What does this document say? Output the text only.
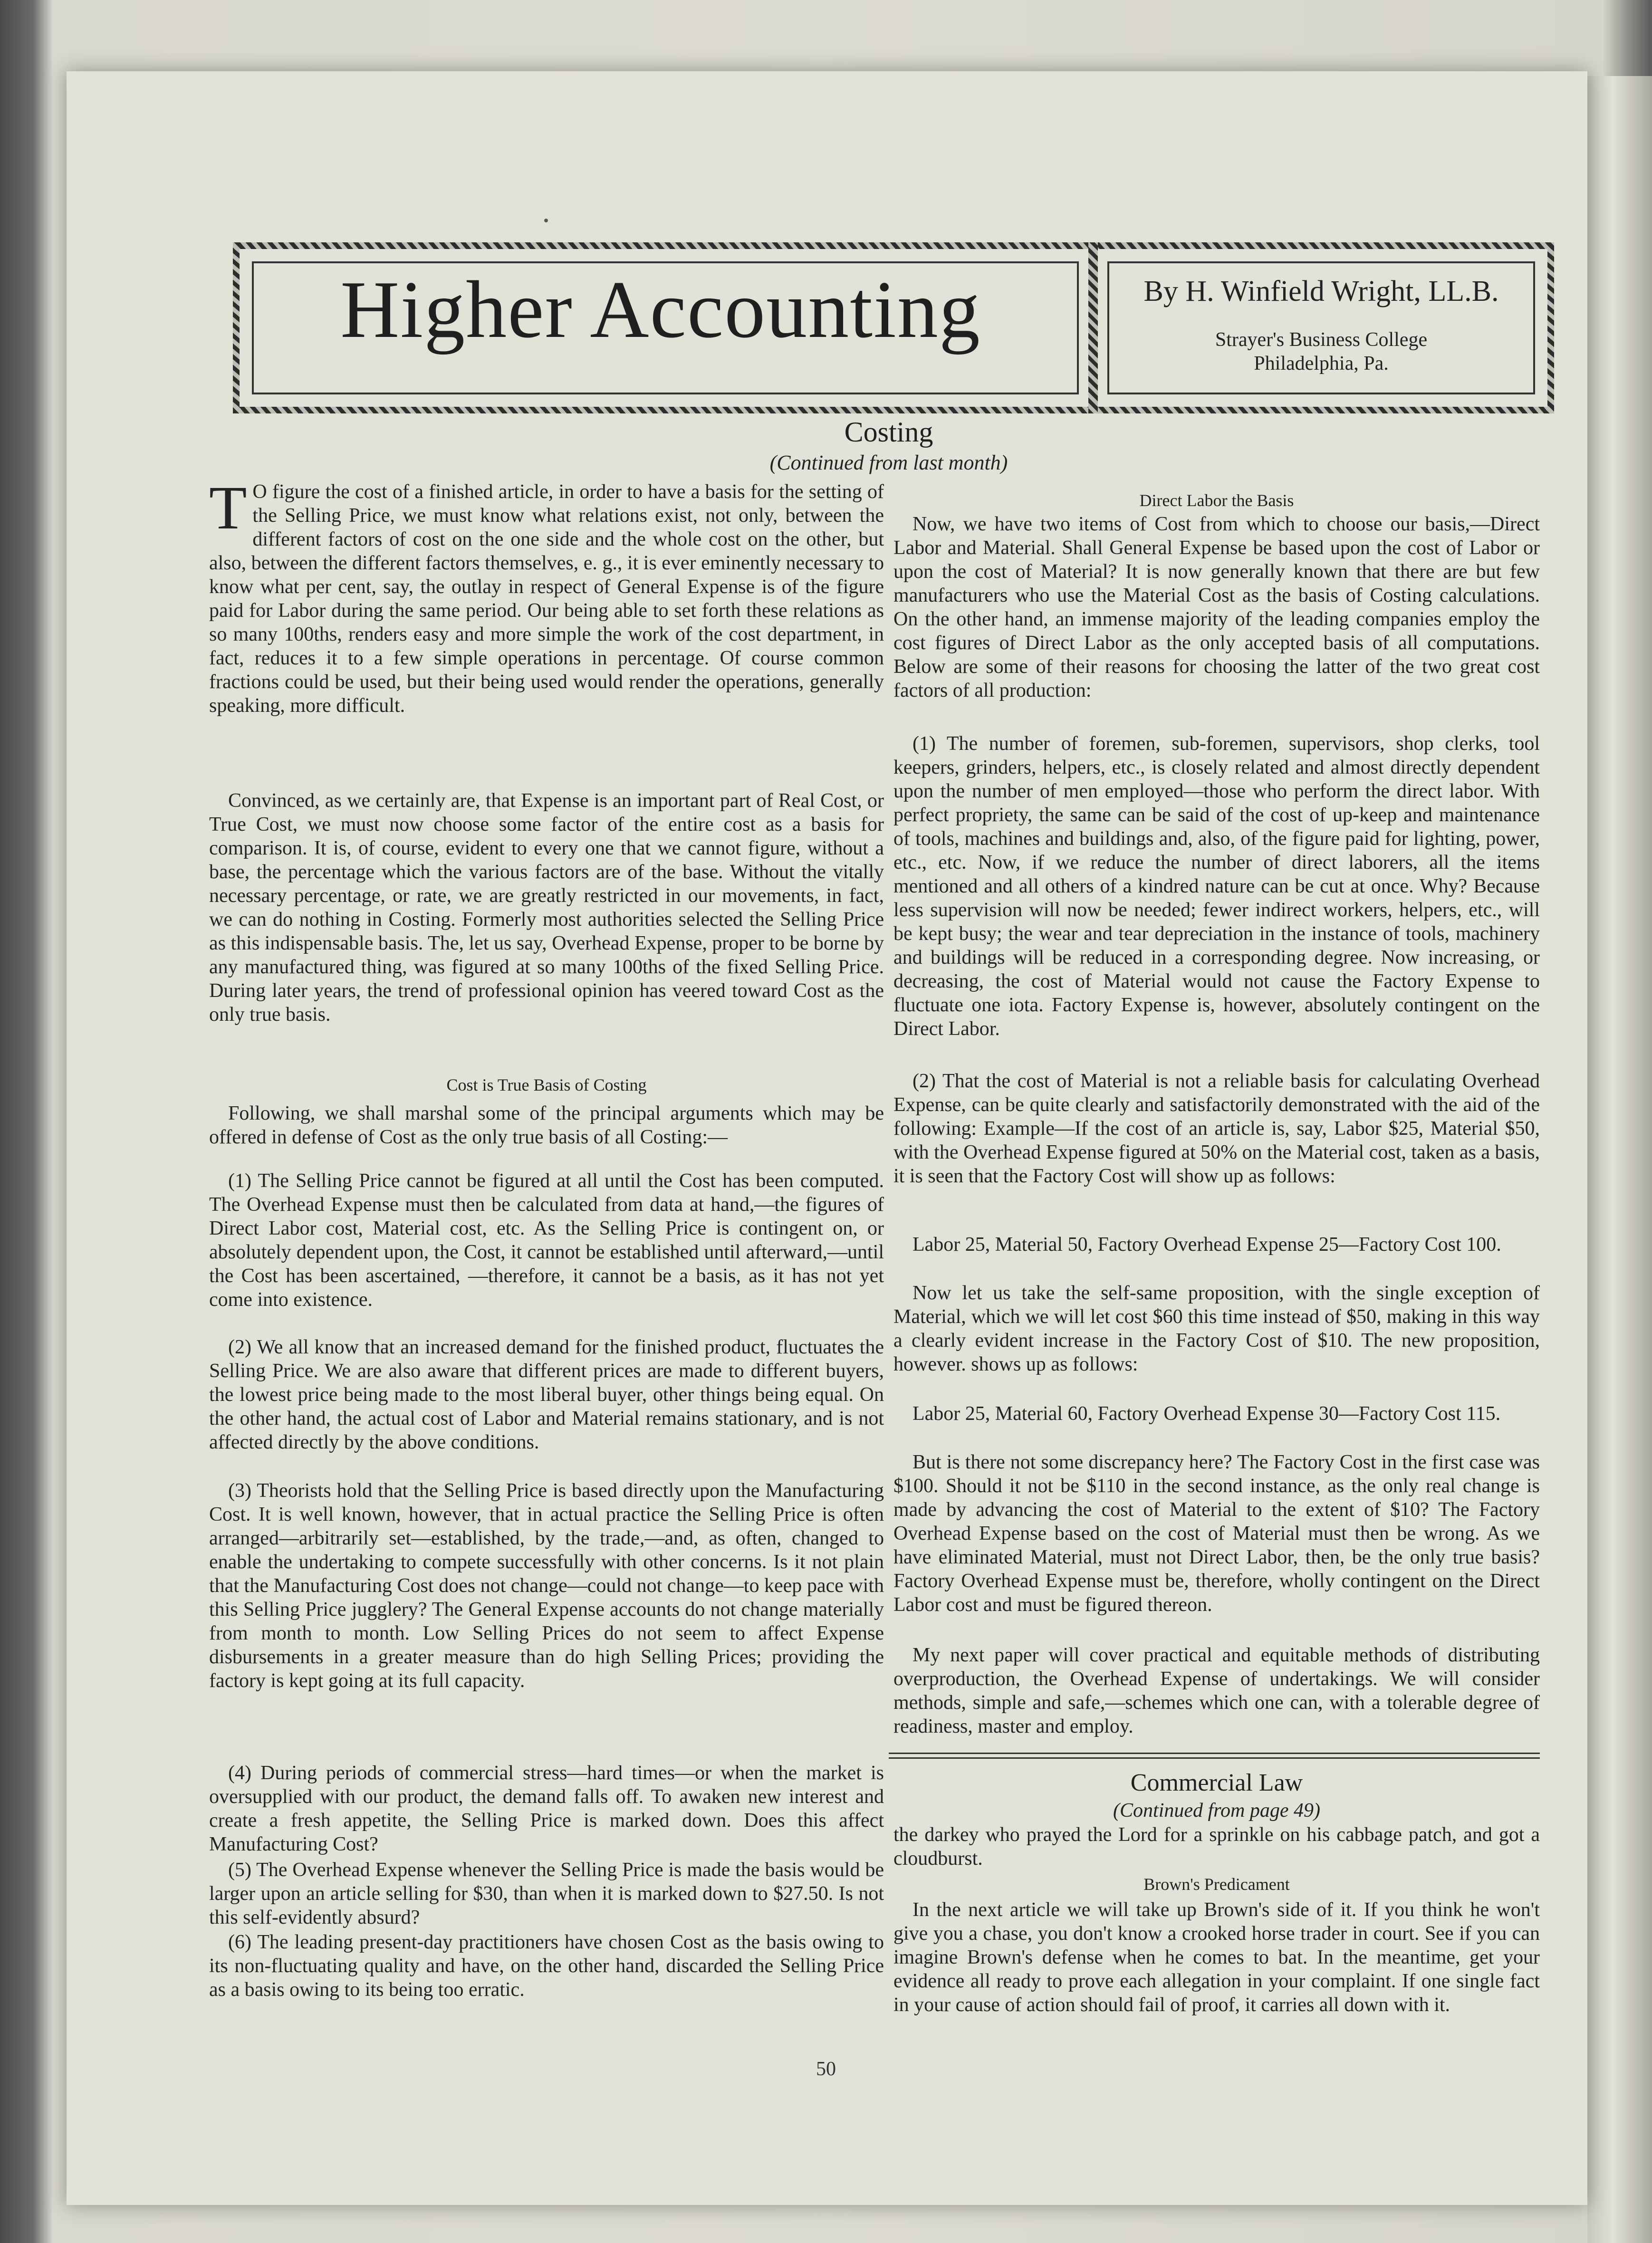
Higher Accounting	By H. Winfield Wright, LL.B.
Strayer's Business College
Philadelphia, Pa.
Costing
(Continued from last month)

T O figure the cost of a finished article, in order to have a basis for the setting of the Selling Price, we must know what relations exist, not only, between the different factors of cost on the one side and the whole cost on the other, but also, between the different factors themselves, e. g., it is ever eminently necessary to know what per cent, say, the outlay in respect of General Expense is of the figure paid for Labor during the same period. Our being able to set forth these relations as so many 100ths, renders easy and more simple the work of the cost department, in fact, reduces it to a few simple operations in percentage. Of course common fractions could be used, but their being used would render the operations, generally speaking, more difficult.

Convinced, as we certainly are, that Expense is an important part of Real Cost, or True Cost, we must now choose some factor of the entire cost as a basis for comparison. It is, of course, evident to every one that we cannot figure, without a base, the percentage which the various factors are of the base. Without the vitally necessary percentage, or rate, we are greatly restricted in our movements, in fact, we can do nothing in Costing. Formerly most authorities selected the Selling Price as this indispensable basis. The, let us say, Overhead Expense, proper to be borne by any manufactured thing, was figured at so many 100ths of the fixed Selling Price. During later years, the trend of professional opinion has veered toward Cost as the only true basis.

Cost is True Basis of Costing

Following, we shall marshal some of the principal arguments which may be offered in defense of Cost as the only true basis of all Costing:—

(1) The Selling Price cannot be figured at all until the Cost has been computed. The Overhead Expense must then be calculated from data at hand,—the figures of Direct Labor cost, Material cost, etc. As the Selling Price is contingent on, or absolutely dependent upon, the Cost, it cannot be established until afterward,—until the Cost has been ascertained, —therefore, it cannot be a basis, as it has not yet come into existence.

(2) We all know that an increased demand for the finished product, fluctuates the Selling Price. We are also aware that different prices are made to different buyers, the lowest price being made to the most liberal buyer, other things being equal. On the other hand, the actual cost of Labor and Material remains stationary, and is not affected directly by the above conditions.

(3) Theorists hold that the Selling Price is based directly upon the Manufacturing Cost. It is well known, however, that in actual practice the Selling Price is often arranged—arbitrarily set—established, by the trade,—and, as often, changed to enable the undertaking to compete successfully with other concerns. Is it not plain that the Manufacturing Cost does not change—could not change—to keep pace with this Selling Price jugglery? The General Expense accounts do not change materially from month to month. Low Selling Prices do not seem to affect Expense disbursements in a greater measure than do high Selling Prices; providing the factory is kept going at its full capacity.

(4) During periods of commercial stress—hard times—or when the market is oversupplied with our product, the demand falls off. To awaken new interest and create a fresh appetite, the Selling Price is marked down. Does this affect Manufacturing Cost?

(5) The Overhead Expense whenever the Selling Price is made the basis would be larger upon an article selling for $30, than when it is marked down to $27.50. Is not this self-evidently absurd?

(6) The leading present-day practitioners have chosen Cost as the basis owing to its non-fluctuating quality and have, on the other hand, discarded the Selling Price as a basis owing to its being too erratic.

Direct Labor the Basis

Now, we have two items of Cost from which to choose our basis,—Direct Labor and Material. Shall General Expense be based upon the cost of Labor or upon the cost of Material? It is now generally known that there are but few manufacturers who use the Material Cost as the basis of Costing calculations. On the other hand, an immense majority of the leading companies employ the cost figures of Direct Labor as the only accepted basis of all computations. Below are some of their reasons for choosing the latter of the two great cost factors of all production:

(1) The number of foremen, sub-foremen, supervisors, shop clerks, tool keepers, grinders, helpers, etc., is closely related and almost directly dependent upon the number of men employed—those who perform the direct labor. With perfect propriety, the same can be said of the cost of up-keep and maintenance of tools, machines and buildings and, also, of the figure paid for lighting, power, etc., etc. Now, if we reduce the number of direct laborers, all the items mentioned and all others of a kindred nature can be cut at once. Why? Because less supervision will now be needed; fewer indirect workers, helpers, etc., will be kept busy; the wear and tear depreciation in the instance of tools, machinery and buildings will be reduced in a corresponding degree. Now increasing, or decreasing, the cost of Material would not cause the Factory Expense to fluctuate one iota. Factory Expense is, however, absolutely contingent on the Direct Labor.

(2) That the cost of Material is not a reliable basis for calculating Overhead Expense, can be quite clearly and satisfactorily demonstrated with the aid of the following: Example—If the cost of an article is, say, Labor $25, Material $50, with the Overhead Expense figured at 50% on the Material cost, taken as a basis, it is seen that the Factory Cost will show up as follows:

Labor 25, Material 50, Factory Overhead Expense 25—Factory Cost 100.

Now let us take the self-same proposition, with the single exception of Material, which we will let cost $60 this time instead of $50, making in this way a clearly evident increase in the Factory Cost of $10. The new proposition, however. shows up as follows:

Labor 25, Material 60, Factory Overhead Expense 30—Factory Cost 115.

But is there not some discrepancy here? The Factory Cost in the first case was $100. Should it not be $110 in the second instance, as the only real change is made by advancing the cost of Material to the extent of $10? The Factory Overhead Expense based on the cost of Material must then be wrong. As we have eliminated Material, must not Direct Labor, then, be the only true basis? Factory Overhead Expense must be, therefore, wholly contingent on the Direct Labor cost and must be figured thereon.

My next paper will cover practical and equitable methods of distributing overproduction, the Overhead Expense of undertakings. We will consider methods, simple and safe,—schemes which one can, with a tolerable degree of readiness, master and employ.

Commercial Law
(Continued from page 49)

the darkey who prayed the Lord for a sprinkle on his cabbage patch, and got a cloudburst.

Brown's Predicament

In the next article we will take up Brown's side of it. If you think he won't give you a chase, you don't know a crooked horse trader in court. See if you can imagine Brown's defense when he comes to bat. In the meantime, get your evidence all ready to prove each allegation in your complaint. If one single fact in your cause of action should fail of proof, it carries all down with it.

50
